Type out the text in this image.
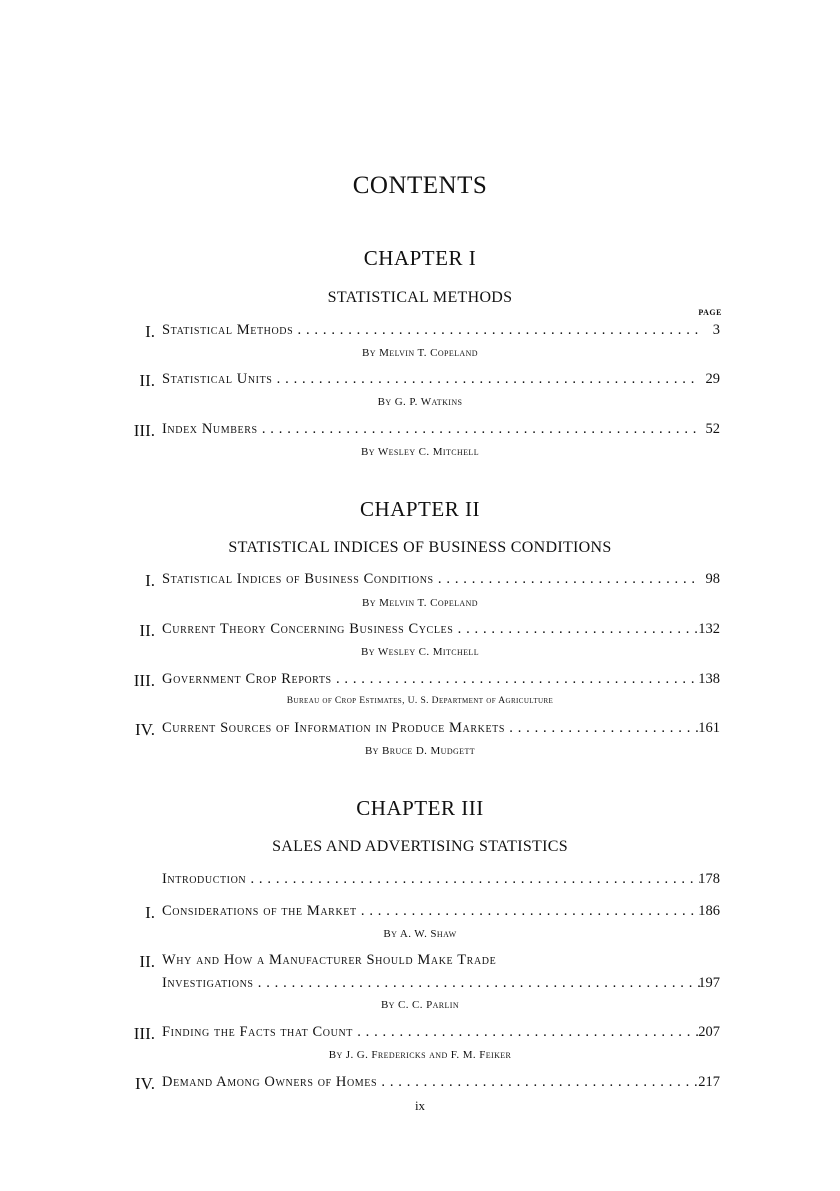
CONTENTS
CHAPTER I
STATISTICAL METHODS
PAGE
I. Statistical Methods . . .	3
By Melvin T. Copeland
II. Statistical Units . . .	29
By G. P. Watkins
III. Index Numbers . . .	52
By Wesley C. Mitchell
CHAPTER II
STATISTICAL INDICES OF BUSINESS CONDITIONS
I. Statistical Indices of Business Conditions . . .	98
By Melvin T. Copeland
II. Current Theory Concerning Business Cycles . . .	132
By Wesley C. Mitchell
III. Government Crop Reports . . .	138
Bureau of Crop Estimates, U. S. Department of Agriculture
IV. Current Sources of Information in Produce Markets . . .	161
By Bruce D. Mudgett
CHAPTER III
SALES AND ADVERTISING STATISTICS
Introduction . . .	178
I. Considerations of the Market . . .	186
By A. W. Shaw
II. Why and How a Manufacturer Should Make Trade
Investigations . . .	197
By C. C. Parlin
III. Finding the Facts that Count . . .	207
By J. G. Fredericks and F. M. Feiker
IV. Demand Among Owners of Homes . . .	217
ix
